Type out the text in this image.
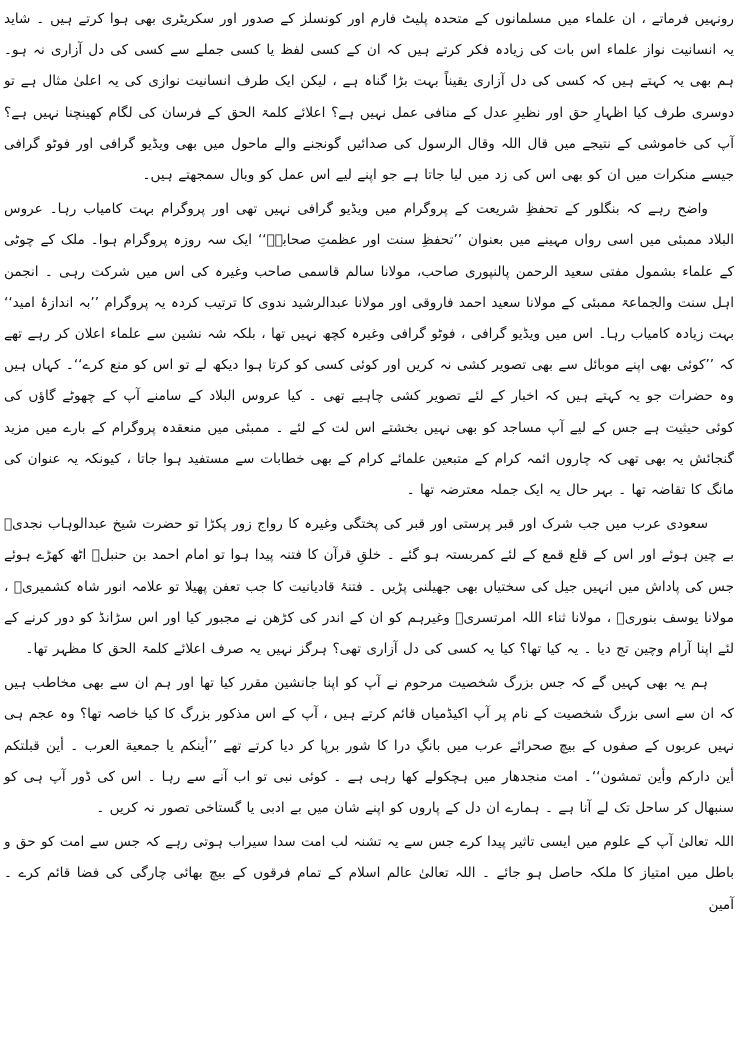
رونہیں فرماتے ، ان علماء میں مسلمانوں کے متحدہ پلیٹ فارم اور کونسلز کے صدور اور سکریٹری بھی ہوا کرتے ہیں ۔ شاید یہ انسانیت نواز علماء اس بات کی زیادہ فکر کرتے ہیں کہ ان کے کسی لفظ یا کسی جملے سے کسی کی دل آزاری نہ ہو۔ ہم بھی یہ کہتے ہیں کہ کسی کی دل آزاری یقیناً بہت بڑا گناہ ہے ، لیکن ایک طرف انسانیت نوازی کی یہ اعلیٰ مثال ہے تو دوسری طرف کیا اظہارِ حق اور نظیرِ عدل کے منافی عمل نہیں ہے؟ اعلائے کلمۃ الحق کے فرسان کی لگام کھینچنا نہیں ہے؟ آپ کی خاموشی کے نتیجے میں قال اللہ وقال الرسول کی صدائیں گونجنے والے ماحول میں بھی ویڈیو گرافی اور فوٹو گرافی جیسے منکرات میں ان کو بھی اس کی زد میں لیا جاتا ہے جو اپنے لیے اس عمل کو وبال سمجھتے ہیں۔

واضح رہے کہ بنگلور کے تحفظِ شریعت کے پروگرام میں ویڈیو گرافی نہیں تھی اور پروگرام بہت کامیاب رہا۔ عروس البلاد ممبئی میں اسی رواں مہینے میں بعنوان ’’تحفظِ سنت اور عظمتِ صحابہؓ‘‘ ایک سہ روزہ پروگرام ہوا۔ ملک کے چوٹی کے علماء بشمول مفتی سعید الرحمن پالنپوری صاحب، مولانا سالم قاسمی صاحب وغیرہ کی اس میں شرکت رہی ۔ انجمن اہل سنت والجماعۃ ممبئی کے مولانا سعید احمد فاروقی اور مولانا عبدالرشید ندوی کا ترتیب کردہ یہ پروگرام ’’بہ اندازۂ امید‘‘ بہت زیادہ کامیاب رہا۔ اس میں ویڈیو گرافی ، فوٹو گرافی وغیرہ کچھ نہیں تھا ، بلکہ شہ نشین سے علماء اعلان کر رہے تھے کہ ’’کوئی بھی اپنے موبائل سے بھی تصویر کشی نہ کریں اور کوئی کسی کو کرتا ہوا دیکھ لے تو اس کو منع کرے‘‘۔ کہاں ہیں وہ حضرات جو یہ کہتے ہیں کہ اخبار کے لئے تصویر کشی چاہیے تھی ۔ کیا عروس البلاد کے سامنے آپ کے چھوٹے گاؤں کی کوئی حیثیت ہے جس کے لیے آپ مساجد کو بھی نہیں بخشتے اس لت کے لئے ۔ ممبئی میں منعقدہ پروگرام کے بارے میں مزید گنجائش یہ بھی تھی کہ چاروں ائمہ کرام کے متبعین علمائے کرام کے بھی خطابات سے مستفید ہوا جاتا ، کیونکہ یہ عنوان کی مانگ کا تقاضہ تھا ۔ بہر حال یہ ایک جملہ معترضہ تھا ۔

سعودی عرب میں جب شرک اور قبر پرستی اور قبر کی پختگی وغیرہ کا رواج زور پکڑا تو حضرت شیخ عبدالوہاب نجدیؒ بے چین ہوئے اور اس کے قلع قمع کے لئے کمربستہ ہو گئے ۔ خلقِ قرآن کا فتنہ پیدا ہوا تو امام احمد بن حنبلؒ اٹھ کھڑے ہوئے جس کی پاداش میں انہیں جیل کی سختیاں بھی جھیلنی پڑیں ۔ فتنۂ قادیانیت کا جب تعفن پھیلا تو علامہ انور شاہ کشمیریؒ ، مولانا یوسف بنوریؒ ، مولانا ثناء اللہ امرتسریؒ وغیرہم کو ان کے اندر کی کڑھن نے مجبور کیا اور اس سڑانڈ کو دور کرنے کے لئے اپنا آرام وچین تج دیا ۔ یہ کیا تھا؟ کیا یہ کسی کی دل آزاری تھی؟ ہرگز نہیں یہ صرف اعلائے کلمۃ الحق کا مظہر تھا۔

ہم یہ بھی کہیں گے کہ جس بزرگ شخصیت مرحوم نے آپ کو اپنا جانشین مقرر کیا تھا اور ہم ان سے بھی مخاطب ہیں کہ ان سے اسی بزرگ شخصیت کے نام پر آپ اکیڈمیاں قائم کرتے ہیں ، آپ کے اس مذکور بزرگ کا کیا خاصہ تھا؟ وہ عجم ہی نہیں عربوں کے صفوں کے بیچ صحرائے عرب میں بانگِ درا کا شور برپا کر دیا کرتے تھے ’’أينكم يا جمعية العرب ۔ أين قبلتكم أين داركم وأين تمشون‘‘۔ امت منجدھار میں ہچکولے کھا رہی ہے ۔ کوئی نبی تو اب آنے سے رہا ۔ اس کی ڈور آپ ہی کو سنبھال کر ساحل تک لے آنا ہے ۔ ہمارے ان دل کے پاروں کو اپنے شان میں بے ادبی یا گستاخی تصور نہ کریں ۔

اللہ تعالیٰ آپ کے علوم میں ایسی تاثیر پیدا کرے جس سے یہ تشنہ لب امت سدا سیراب ہوتی رہے کہ جس سے امت کو حق و باطل میں امتیاز کا ملکہ حاصل ہو جائے ۔ اللہ تعالیٰ عالم اسلام کے تمام فرقوں کے بیچ بھائی چارگی کی فضا قائم کرے ۔ آمین
